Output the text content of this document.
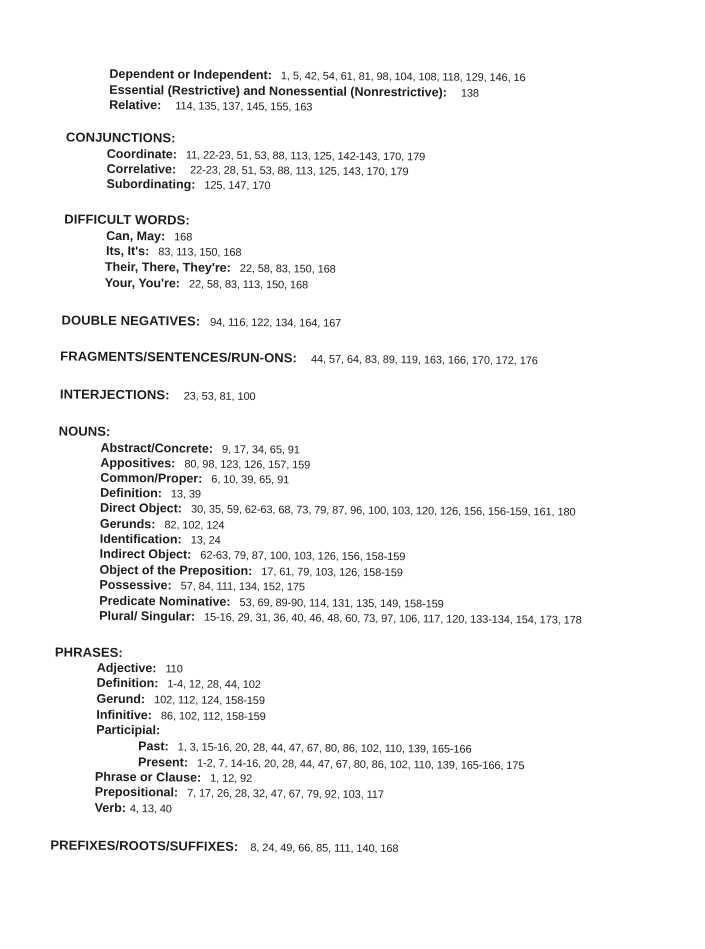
Dependent or Independent: 1, 5, 42, 54, 61, 81, 98, 104, 108, 118, 129, 146, 16
Essential (Restrictive) and Nonessential (Nonrestrictive): 138
Relative: 114, 135, 137, 145, 155, 163
CONJUNCTIONS:
Coordinate: 11, 22-23, 51, 53, 88, 113, 125, 142-143, 170, 179
Correlative: 22-23, 28, 51, 53, 88, 113, 125, 143, 170, 179
Subordinating: 125, 147, 170
DIFFICULT WORDS:
Can, May: 168
Its, It's: 83, 113, 150, 168
Their, There, They're: 22, 58, 83, 150, 168
Your, You're: 22, 58, 83, 113, 150, 168
DOUBLE NEGATIVES: 94, 116, 122, 134, 164, 167
FRAGMENTS/SENTENCES/RUN-ONS: 44, 57, 64, 83, 89, 119, 163, 166, 170, 172, 176
INTERJECTIONS: 23, 53, 81, 100
NOUNS:
Abstract/Concrete: 9, 17, 34, 65, 91
Appositives: 80, 98, 123, 126, 157, 159
Common/Proper: 6, 10, 39, 65, 91
Definition: 13, 39
Direct Object: 30, 35, 59, 62-63, 68, 73, 79, 87, 96, 100, 103, 120, 126, 156, 156-159, 161, 180
Gerunds: 82, 102, 124
Identification: 13, 24
Indirect Object: 62-63, 79, 87, 100, 103, 126, 156, 158-159
Object of the Preposition: 17, 61, 79, 103, 126, 158-159
Possessive: 57, 84, 111, 134, 152, 175
Predicate Nominative: 53, 69, 89-90, 114, 131, 135, 149, 158-159
Plural/ Singular: 15-16, 29, 31, 36, 40, 46, 48, 60, 73, 97, 106, 117, 120, 133-134, 154, 173, 178
PHRASES:
Adjective: 110
Definition: 1-4, 12, 28, 44, 102
Gerund: 102, 112, 124, 158-159
Infinitive: 86, 102, 112, 158-159
Participial:
Past: 1, 3, 15-16, 20, 28, 44, 47, 67, 80, 86, 102, 110, 139, 165-166
Present: 1-2, 7, 14-16, 20, 28, 44, 47, 67, 80, 86, 102, 110, 139, 165-166, 175
Phrase or Clause: 1, 12, 92
Prepositional: 7, 17, 26, 28, 32, 47, 67, 79, 92, 103, 117
Verb: 4, 13, 40
PREFIXES/ROOTS/SUFFIXES: 8, 24, 49, 66, 85, 111, 140, 168
